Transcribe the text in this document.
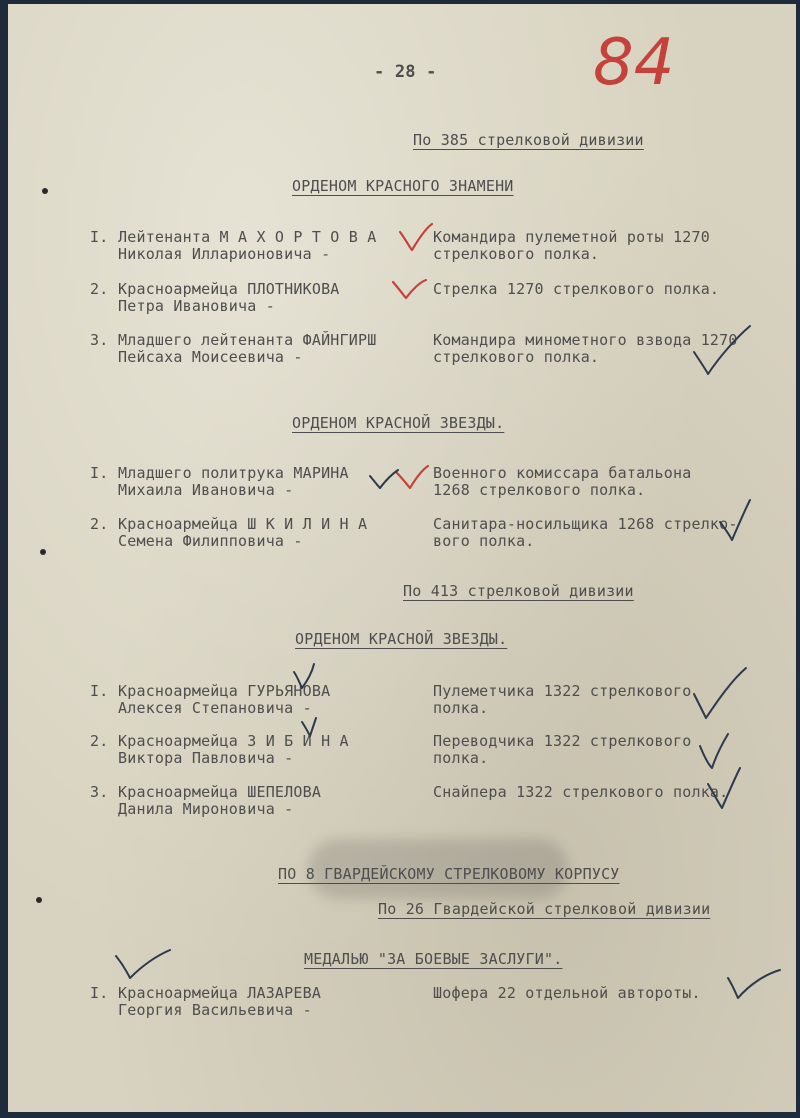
- 28 - 84
По 385 стрелковой дивизии
ОРДЕНОМ КРАСНОГО ЗНАМЕНИ
I. Лейтенанта М А Х О Р Т О В А
Николая Илларионовича -
Командира пулеметной роты 1270
стрелкового полка.
2. Красноармейца ПЛОТНИКОВА
Петра Ивановича -
Стрелка 1270 стрелкового полка.
3. Младшего лейтенанта ФАЙНГИРШ
Пейсаха Моисеевича -
Командира минометного взвода 1270
стрелкового полка.
ОРДЕНОМ КРАСНОЙ ЗВЕЗДЫ.
I. Младшего политрука МАРИНА
Михаила Ивановича -
Военного комиссара батальона
1268 стрелкового полка.
2. Красноармейца Ш К И Л И Н А
Семена Филипповича -
Санитара-носильщика 1268 стрелко-
вого полка.
По 413 стрелковой дивизии
ОРДЕНОМ КРАСНОЙ ЗВЕЗДЫ.
I. Красноармейца ГУРЬЯНОВА
Алексея Степановича -
Пулеметчика 1322 стрелкового
полка.
2. Красноармейца З И Б И Н А
Виктора Павловича -
Переводчика 1322 стрелкового
полка.
3. Красноармейца ШЕПЕЛОВА
Данила Мироновича -
Снайпера 1322 стрелкового полка.
ПО 8 ГВАРДЕЙСКОМУ СТРЕЛКОВОМУ КОРПУСУ
По 26 Гвардейской стрелковой дивизии
МЕДАЛЬЮ "ЗА БОЕВЫЕ ЗАСЛУГИ".
I. Красноармейца ЛАЗАРЕВА
Георгия Васильевича -
Шофера 22 отдельной автороты.
